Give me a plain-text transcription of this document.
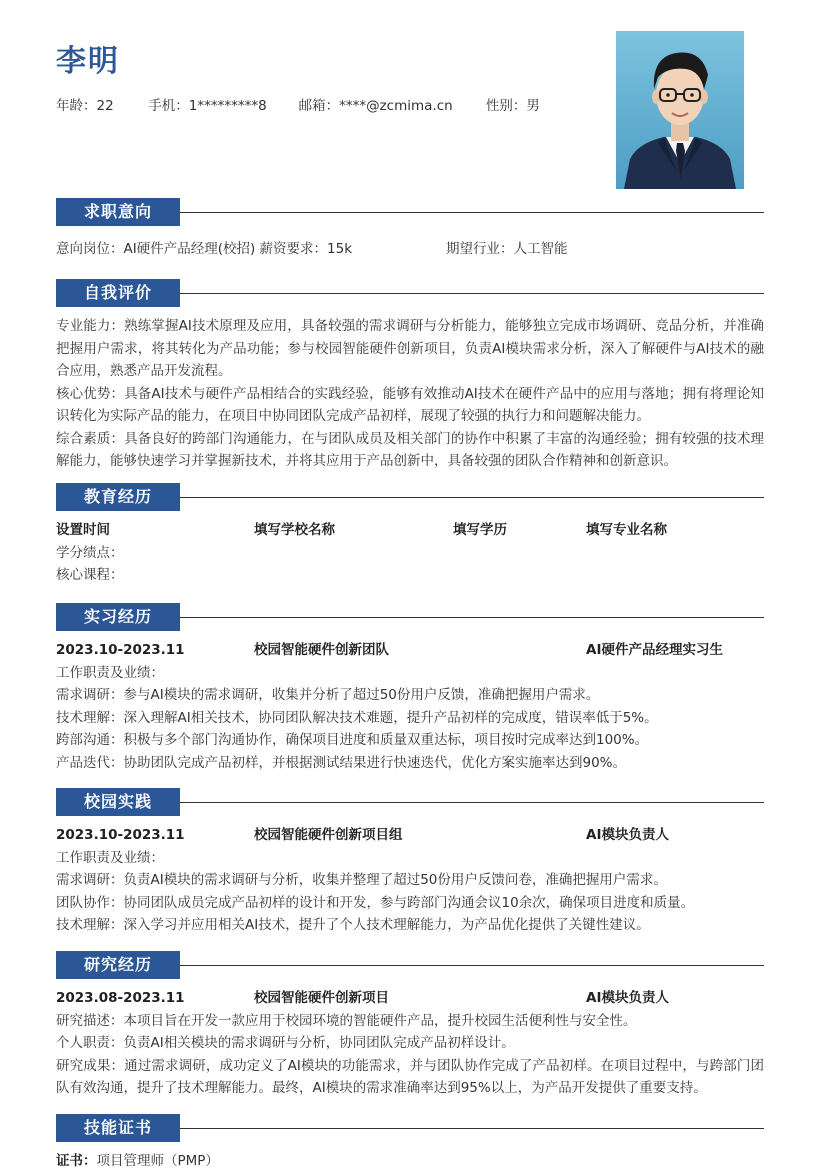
李明
年龄：22	手机：1*********8 邮箱：****@zcmima.cn 性别：男
求职意向
意向岗位：AI硬件产品经理(校招) 薪资要求：15k	期望行业：人工智能
自我评价

专业能力：熟练掌握AI技术原理及应用，具备较强的需求调研与分析能力，能够独立完成市场调研、竞品分析，并准确把握用户需求，将其转化为产品功能；参与校园智能硬件创新项目，负责AI模块需求分析，深入了解硬件与AI技术的融合应用，熟悉产品开发流程。

核心优势：具备AI技术与硬件产品相结合的实践经验，能够有效推动AI技术在硬件产品中的应用与落地；拥有将理论知识转化为实际产品的能力，在项目中协同团队完成产品初样，展现了较强的执行力和问题解决能力。

综合素质：具备良好的跨部门沟通能力，在与团队成员及相关部门的协作中积累了丰富的沟通经验；拥有较强的技术理解能力，能够快速学习并掌握新技术，并将其应用于产品创新中，具备较强的团队合作精神和创新意识。

教育经历
设置时间	填写学校名称	填写学历	填写专业名称
学分绩点：
核心课程：
实习经历
2023.10-2023.11	校园智能硬件创新团队	AI硬件产品经理实习生
工作职责及业绩：
需求调研：参与AI模块的需求调研，收集并分析了超过50份用户反馈，准确把握用户需求。
技术理解：深入理解AI相关技术，协同团队解决技术难题，提升产品初样的完成度，错误率低于5%。
跨部沟通：积极与多个部门沟通协作，确保项目进度和质量双重达标，项目按时完成率达到100%。
产品迭代：协助团队完成产品初样，并根据测试结果进行快速迭代，优化方案实施率达到90%。
校园实践
2023.10-2023.11	校园智能硬件创新项目组	AI模块负责人
工作职责及业绩：
需求调研：负责AI模块的需求调研与分析，收集并整理了超过50份用户反馈问卷，准确把握用户需求。
团队协作：协同团队成员完成产品初样的设计和开发，参与跨部门沟通会议10余次，确保项目进度和质量。
技术理解：深入学习并应用相关AI技术，提升了个人技术理解能力，为产品优化提供了关键性建议。
研究经历
2023.08-2023.11	校园智能硬件创新项目	AI模块负责人
研究描述：本项目旨在开发一款应用于校园环境的智能硬件产品，提升校园生活便利性与安全性。
个人职责：负责AI相关模块的需求调研与分析，协同团队完成产品初样设计。

研究成果：通过需求调研，成功定义了AI模块的功能需求，并与团队协作完成了产品初样。在项目过程中，与跨部门团队有效沟通，提升了技术理解能力。最终，AI模块的需求准确率达到95%以上，为产品开发提供了重要支持。

技能证书
证书：项目管理师（PMP）
